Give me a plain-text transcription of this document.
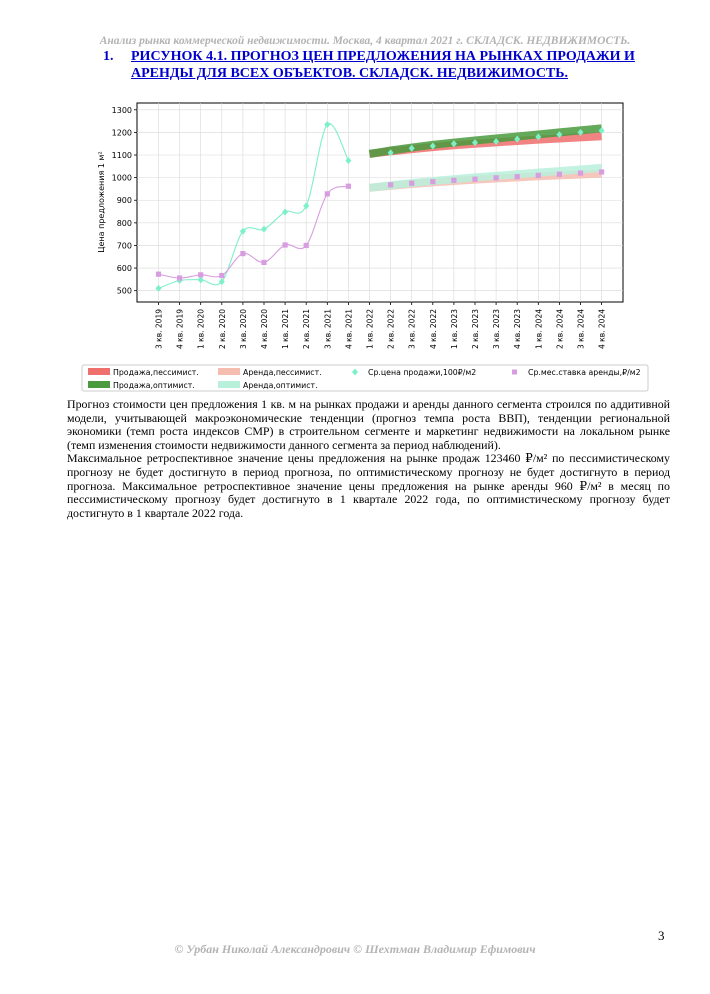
Анализ рынка коммерческой недвижимости. Москва, 4 квартал 2021 г. СКЛАДСК. НЕДВИЖИМОСТЬ.
1. РИСУНОК 4.1. ПРОГНОЗ ЦЕН ПРЕДЛОЖЕНИЯ НА РЫНКАХ ПРОДАЖИ И АРЕНДЫ ДЛЯ ВСЕХ ОБЪЕКТОВ. СКЛАДСК. НЕДВИЖИМОСТЬ.
500
600
700
800
900
1000
1100
1200
1300
3 кв. 2019 4 кв. 2019 1 кв. 2020 2 кв. 2020 3 кв. 2020 4 кв. 2020 1 кв. 2021 2 кв. 2021 3 кв. 2021 4 кв. 2021 1 кв. 2022 2 кв. 2022 3 кв. 2022 4 кв. 2022 1 кв. 2023 2 кв. 2023 3 кв. 2023 4 кв. 2023 1 кв. 2024 2 кв. 2024 3 кв. 2024 4 кв. 2024
Цена предложения 1 м²
Продажа,пессимист.
Продажа,оптимист.
Аренда,пессимист.
Аренда,оптимист.
Ср.цена продажи,100₽/м2	Ср.мес.ставка аренды,₽/м2

Прогноз стоимости цен предложения 1 кв. м на рынках продажи и аренды данного сегмента строился по аддитивной модели, учитывающей макроэкономические тенденции (прогноз темпа роста ВВП), тенденции региональной экономики (темп роста индексов СМР) в строительном сегменте и маркетинг недвижимости на локальном рынке (темп изменения стоимости недвижимости данного сегмента за период наблюдений).

Максимальное ретроспективное значение цены предложения на рынке продаж 123460 ₽/м² по пессимистическому прогнозу не будет достигнуто в период прогноза, по оптимистическому прогнозу не будет достигнуто в период прогноза. Максимальное ретроспективное значение цены предложения на рынке аренды 960 ₽/м² в месяц по пессимистическому прогнозу будет достигнуто в 1 квартале 2022 года, по оптимистическому прогнозу будет достигнуто в 1 квартале 2022 года.

3
© Урбан Николай Александрович © Шехтман Владимир Ефимович
